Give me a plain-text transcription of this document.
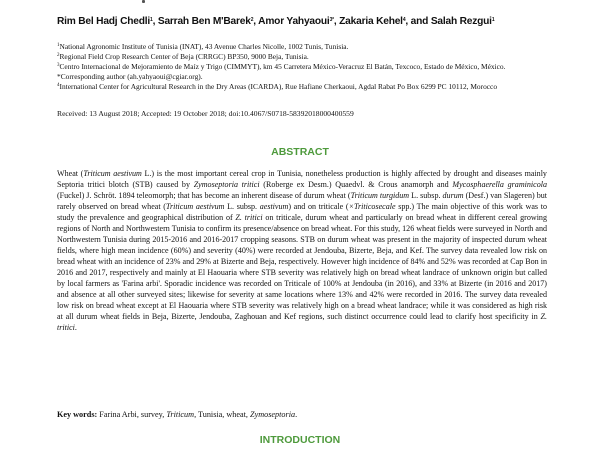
Rim Bel Hadj Chedli$^1$, Sarrah Ben M'Barek$^2$, Amor Yahyaoui$^{3*}$, Zakaria Kehel$^4$, and Salah Rezgui$^1$

$^1$National Agronomic Institute of Tunisia (INAT), 43 Avenue Charles Nicolle, 1002 Tunis, Tunisia.

$^2$Regional Field Crop Research Center of Beja (CRRGC) BP350, 9000 Beja, Tunisia.

$^3$Centro Internacional de Mejoramiento de Maíz y Trigo (CIMMYT), km 45 Carretera México-Veracruz El Batán, Texcoco, Estado de México, México. *Corresponding author (ah.yahyaoui@cgiar.org).

$^4$International Center for Agricultural Research in the Dry Areas (ICARDA), Rue Hafiane Cherkaoui, Agdal Rabat Po Box 6299 PC 10112, Morocco

Received: 13 August 2018; Accepted: 19 October 2018; doi:10.4067/S0718-58392018000400559
ABSTRACT
Wheat (Triticum aestivum L.) is the most important cereal crop in Tunisia, nonetheless production is highly affected by drought and diseases mainly Septoria tritici blotch (STB) caused by Zymoseptoria tritici (Roberge ex Desm.) Quaedvl. & Crous anamorph and Mycosphaerella graminicola (Fuckel) J. Schröt. 1894 teleomorph; that has become an inherent disease of durum wheat (Triticum turgidum L. subsp. durum (Desf.) van Slageren) but rarely observed on bread wheat (Triticum aestivum L. subsp. aestivum) and on triticale (×Triticosecale spp.) The main objective of this work was to study the prevalence and geographical distribution of Z. tritici on triticale, durum wheat and particularly on bread wheat in different cereal growing regions of North and Northwestern Tunisia to confirm its presence/absence on bread wheat. For this study, 126 wheat fields were surveyed in North and Northwestern Tunisia during 2015-2016 and 2016-2017 cropping seasons. STB on durum wheat was present in the majority of inspected durum wheat fields, where high mean incidence (60%) and severity (40%) were recorded at Jendouba, Bizerte, Beja, and Kef. The survey data revealed low risk on bread wheat with an incidence of 23% and 29% at Bizerte and Beja, respectively. However high incidence of 84% and 52% was recorded at Cap Bon in 2016 and 2017, respectively and mainly at El Haouaria where STB severity was relatively high on bread wheat landrace of unknown origin but called by local farmers as 'Farina arbi'. Sporadic incidence was recorded on Triticale of 100% at Jendouba (in 2016), and 33% at Bizerte (in 2016 and 2017) and absence at all other surveyed sites; likewise for severity at same locations where 13% and 42% were recorded in 2016. The survey data revealed low risk on bread wheat except at El Haouaria where STB severity was relatively high on a bread wheat landrace; while it was considered as high risk at all durum wheat fields in Beja, Bizerte, Jendouba, Zaghouan and Kef regions, such distinct occurrence could lead to clarify host specificity in Z. tritici.
Key words: Farina Arbi, survey, Triticum, Tunisia, wheat, Zymoseptoria.
INTRODUCTION
